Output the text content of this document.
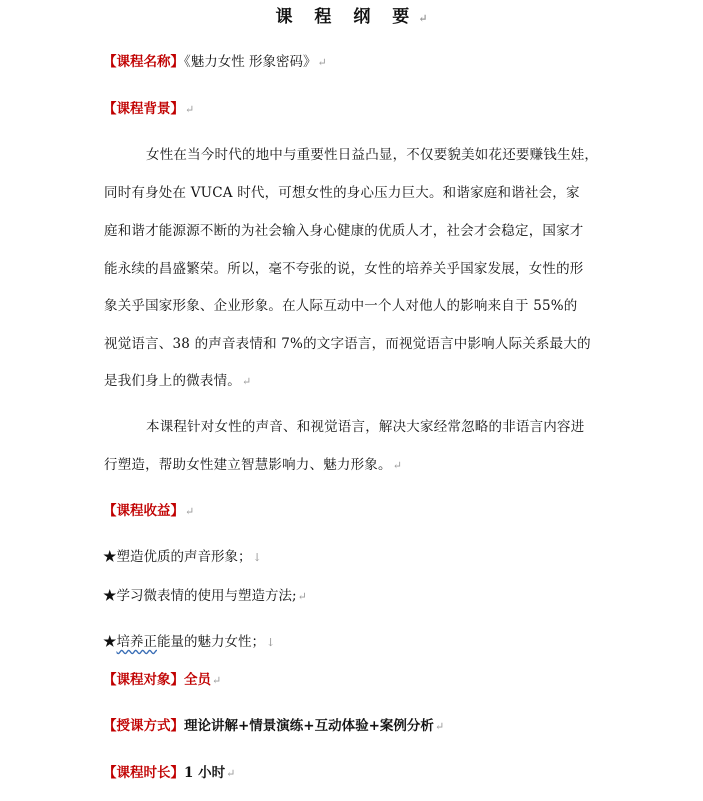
课 程 纲 要↵
【课程名称】《魅力女性 形象密码》↵
【课程背景】↵
女性在当今时代的地中与重要性日益凸显，不仅要貌美如花还要赚钱生娃，
同时有身处在 VUCA 时代，可想女性的身心压力巨大。和谐家庭和谐社会，家
庭和谐才能源源不断的为社会输入身心健康的优质人才，社会才会稳定，国家才
能永续的昌盛繁荣。所以，毫不夸张的说，女性的培养关乎国家发展，女性的形
象关乎国家形象、企业形象。在人际互动中一个人对他人的影响来自于 55%的
视觉语言、38 的声音表情和 7%的文字语言，而视觉语言中影响人际关系最大的
是我们身上的微表情。↵
本课程针对女性的声音、和视觉语言，解决大家经常忽略的非语言内容进
行塑造，帮助女性建立智慧影响力、魅力形象。↵
【课程收益】↵
★塑造优质的声音形象；↓
★学习微表情的使用与塑造方法;↵
★培养正能量的魅力女性；↓
【课程对象】全员↵
【授课方式】理论讲解+情景演练+互动体验+案例分析↵
【课程时长】1 小时↵
